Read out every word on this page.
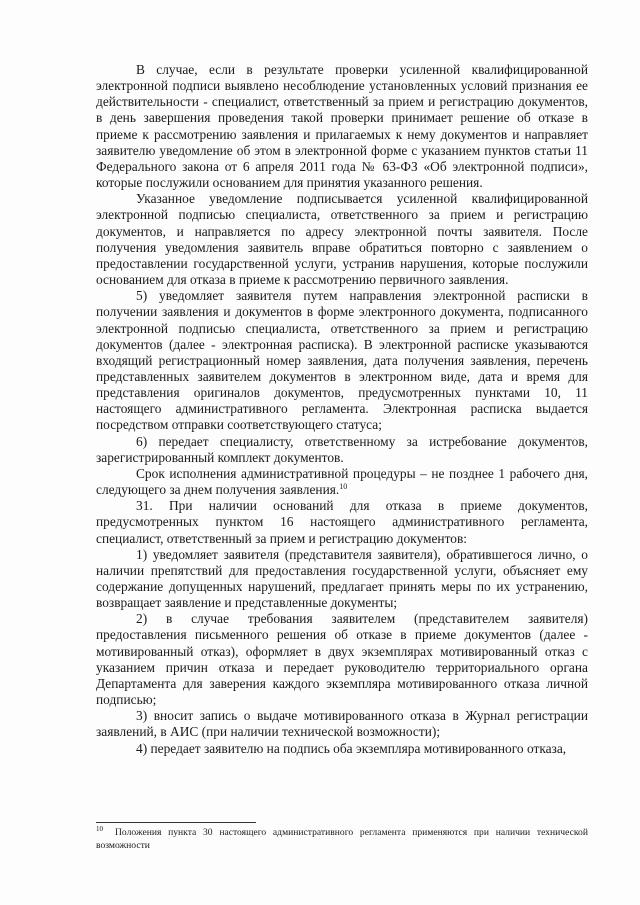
В случае, если в результате проверки усиленной квалифицированной электронной подписи выявлено несоблюдение установленных условий признания ее действительности - специалист, ответственный за прием и регистрацию документов, в день завершения проведения такой проверки принимает решение об отказе в приеме к рассмотрению заявления и прилагаемых к нему документов и направляет заявителю уведомление об этом в электронной форме с указанием пунктов статьи 11 Федерального закона от 6 апреля 2011 года № 63-ФЗ «Об электронной подписи», которые послужили основанием для принятия указанного решения.

Указанное уведомление подписывается усиленной квалифицированной электронной подписью специалиста, ответственного за прием и регистрацию документов, и направляется по адресу электронной почты заявителя. После получения уведомления заявитель вправе обратиться повторно с заявлением о предоставлении государственной услуги, устранив нарушения, которые послужили основанием для отказа в приеме к рассмотрению первичного заявления.

5) уведомляет заявителя путем направления электронной расписки в получении заявления и документов в форме электронного документа, подписанного электронной подписью специалиста, ответственного за прием и регистрацию документов (далее - электронная расписка). В электронной расписке указываются входящий регистрационный номер заявления, дата получения заявления, перечень представленных заявителем документов в электронном виде, дата и время для представления оригиналов документов, предусмотренных пунктами 10, 11 настоящего административного регламента. Электронная расписка выдается посредством отправки соответствующего статуса;

6) передает специалисту, ответственному за истребование документов, зарегистрированный комплект документов.

Срок исполнения административной процедуры – не позднее 1 рабочего дня, следующего за днем получения заявления.$^{10}$

31. При наличии оснований для отказа в приеме документов, предусмотренных пунктом 16 настоящего административного регламента, специалист, ответственный за прием и регистрацию документов:

1) уведомляет заявителя (представителя заявителя), обратившегося лично, о наличии препятствий для предоставления государственной услуги, объясняет ему содержание допущенных нарушений, предлагает принять меры по их устранению, возвращает заявление и представленные документы;

2) в случае требования заявителем (представителем заявителя) предоставления письменного решения об отказе в приеме документов (далее - мотивированный отказ), оформляет в двух экземплярах мотивированный отказ с указанием причин отказа и передает руководителю территориального органа Департамента для заверения каждого экземпляра мотивированного отказа личной подписью;

3) вносит запись о выдаче мотивированного отказа в Журнал регистрации заявлений, в АИС (при наличии технической возможности);

4) передает заявителю на подпись оба экземпляра мотивированного отказа,

$^{10}$ Положения пункта 30 настоящего административного регламента применяются при наличии технической возможности
